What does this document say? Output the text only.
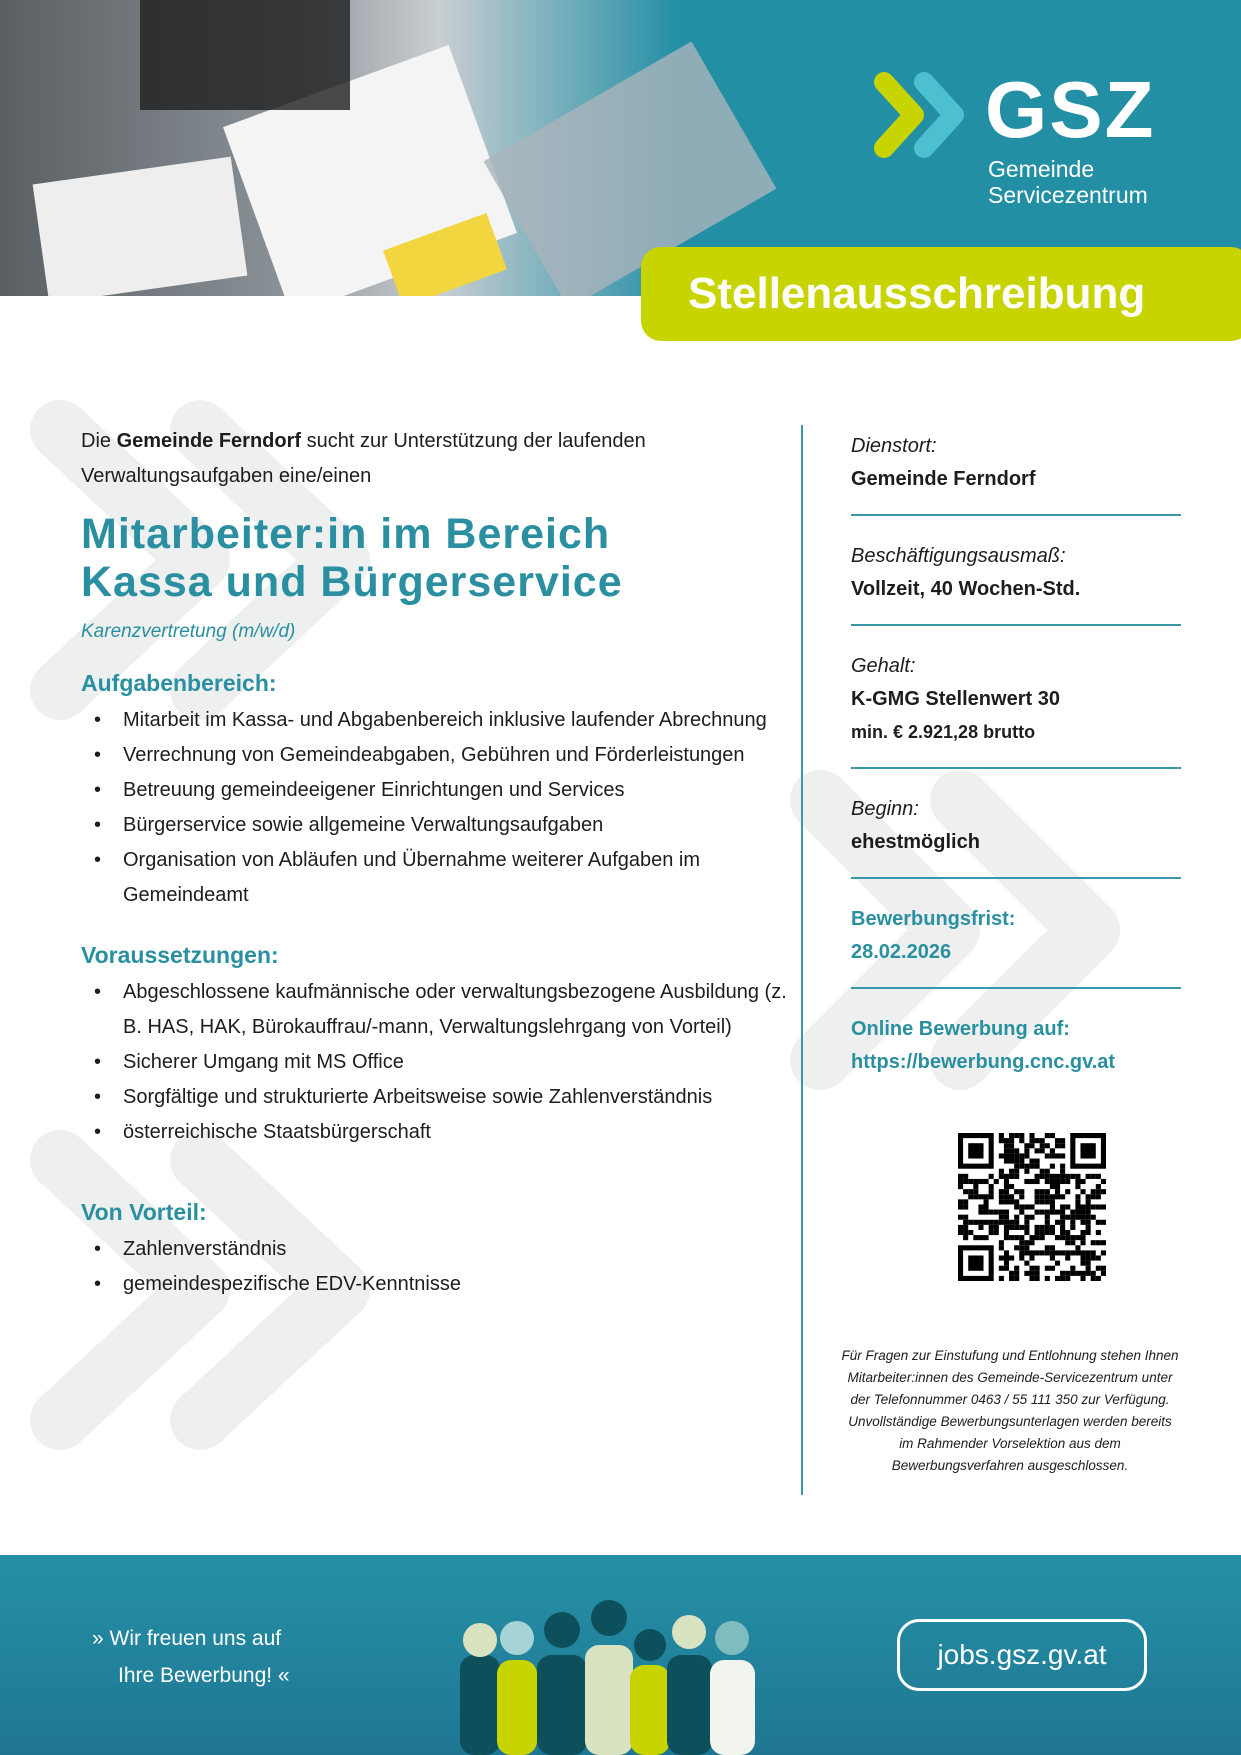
GSZ
Gemeinde
Servicezentrum
Stellenausschreibung

Die Gemeinde Ferndorf sucht zur Unterstützung der laufenden Verwaltungsaufgaben eine/einen

Mitarbeiter:in im Bereich
Kassa und Bürgerservice

Karenzvertretung (m/w/d)

Aufgabenbereich:
• Mitarbeit im Kassa- und Abgabenbereich inklusive laufender Abrechnung
• Verrechnung von Gemeindeabgaben, Gebühren und Förderleistungen
• Betreuung gemeindeeigener Einrichtungen und Services
• Bürgerservice sowie allgemeine Verwaltungsaufgaben
• Organisation von Abläufen und Übernahme weiterer Aufgaben im Gemeindeamt
Voraussetzungen:
• Abgeschlossene kaufmännische oder verwaltungsbezogene Ausbildung (z. B. HAS, HAK, Bürokauffrau/-mann, Verwaltungslehrgang von Vorteil)
• Sicherer Umgang mit MS Office
• Sorgfältige und strukturierte Arbeitsweise sowie Zahlenverständnis
• österreichische Staatsbürgerschaft
Von Vorteil:
• Zahlenverständnis
• gemeindespezifische EDV-Kenntnisse
Dienstort:
Gemeinde Ferndorf
Beschäftigungsausmaß:
Vollzeit, 40 Wochen-Std.
Gehalt:
K-GMG Stellenwert 30
min. € 2.921,28 brutto
Beginn:
ehestmöglich
Bewerbungsfrist:
28.02.2026
Online Bewerbung auf:
https://bewerbung.cnc.gv.at
Für Fragen zur Einstufung und Entlohnung stehen Ihnen Mitarbeiter:innen des Gemeinde-Servicezentrum unter der Telefonnummer 0463 / 55 111 350 zur Verfügung. Unvollständige Bewerbungsunterlagen werden bereits im Rahmender Vorselektion aus dem Bewerbungsverfahren ausgeschlossen.
» Wir freuen uns auf
Ihre Bewerbung! «
jobs.gsz.gv.at
